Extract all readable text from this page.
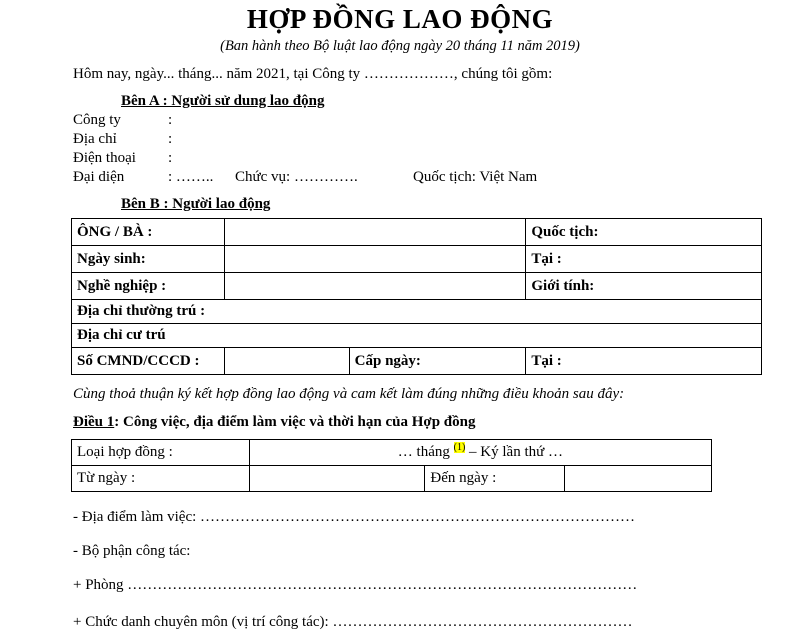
HỢP ĐỒNG LAO ĐỘNG
(Ban hành theo Bộ luật lao động ngày 20 tháng 11 năm 2019)
Hôm nay, ngày... tháng... năm 2021, tại Công ty ………………, chúng tôi gồm:
Bên A : Người sử dung lao động
Công ty	:
Địa chỉ	:
Điện thoại :
Đại diện	: …….. Chức vụ: ………….	Quốc tịch: Việt Nam
Bên B : Người lao động
ÔNG / BÀ :			Quốc tịch:
Ngày sinh:			Tại :
Nghề nghiệp :			Giới tính:
Địa chỉ thường trú :			
Địa chỉ cư trú			
Số CMND/CCCD :		Cấp ngày:	Tại :
Cùng thoả thuận ký kết hợp đồng lao động và cam kết làm đúng những điều khoản sau đây:
Điều 1: Công việc, địa điểm làm việc và thời hạn của Hợp đồng
Loại hợp đồng :	… tháng $^{(1)}$ – Ký lần thứ …		
Từ ngày :		Đến ngày :	
- Địa điểm làm việc: ……………………………………………………………………………
- Bộ phận công tác:
+ Phòng …………………………………………………………………………………………
+ Chức danh chuyên môn (vị trí công tác): ……………………………………………………
